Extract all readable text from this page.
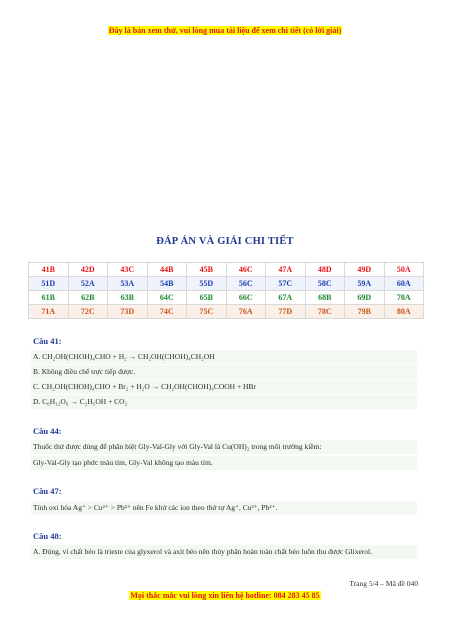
Đây là bản xem thử, vui lòng mua tài liệu để xem chi tiết (có lời giải)
ĐÁP ÁN VÀ GIẢI CHI TIẾT
41B	42D	43C	44B	45B	46C	47A	48D	49D	50A
51D	52A	53A	54B	55D	56C	57C	58C	59A	60A
61B	62B	63B	64C	65B	66C	67A	68B	69D	70A
71A	72C	73D	74C	75C	76A	77D	78C	79B	80A
Câu 41:
A. CH₂OH(CHOH)₄CHO + H₂ → CH₂OH(CHOH)₄CH₂OH
B. Không điều chế trực tiếp được.
C. CH₂OH(CHOH)₄CHO + Br₂ + H₂O → CH₂OH(CHOH)₄COOH + HBr
D. C₆H₁₂O₆ → C₂H₅OH + CO₂
Câu 44:
Thuốc thử được dùng để phân biệt Gly-Val-Gly với Gly-Val là Cu(OH)₂ trong môi trường kiềm:
Gly-Val-Gly tạo phức màu tím, Gly-Val không tạo màu tím.
Câu 47:
Tính oxi hóa Ag⁺ > Cu²⁺ > Pb²⁺ nên Fe khử các ion theo thứ tự Ag⁺, Cu²⁺, Pb²⁺.
Câu 48:
A. Đúng, vì chất béo là trieste của glyxerol và axit béo nên thủy phân hoàn toàn chất béo luôn thu được Glixerol.
Trang 5/4 – Mã đề 040
Mọi thắc mắc vui lòng xin liên hệ hotline: 084 283 45 85
